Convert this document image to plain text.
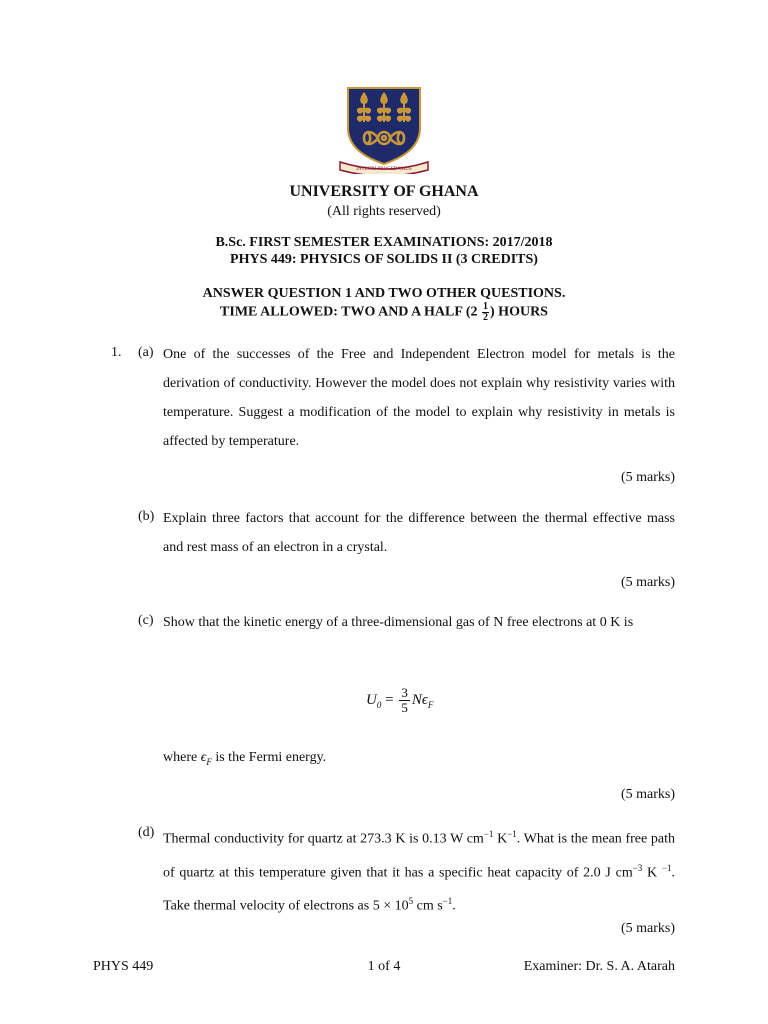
INTEGRI PROCEDAMUS
UNIVERSITY OF GHANA
(All rights reserved)
B.Sc. FIRST SEMESTER EXAMINATIONS: 2017/2018
PHYS 449: PHYSICS OF SOLIDS II (3 CREDITS)
ANSWER QUESTION 1 AND TWO OTHER QUESTIONS.
TIME ALLOWED: TWO AND A HALF ($2 \frac{1}{2}$ ) HOURS
1. (a) One of the successes of the Free and Independent Electron model for metals is the derivation of conductivity. However the model does not explain why resistivity varies with temperature. Suggest a modification of the model to explain why resistivity in metals is affected by temperature.
(5 marks)
(b) Explain three factors that account for the difference between the thermal effective mass and rest mass of an electron in a crystal.
(5 marks)
(c) Show that the kinetic energy of a three-dimensional gas of N free electrons at 0 K is
$U_0 = \frac{3}{5} N\epsilon_F$
where $\epsilon_F$ is the Fermi energy.
(5 marks)
(d) Thermal conductivity for quartz at 273.3 K is 0.13 W $cm^{-1}$ $K^{-1}$. What is the mean free path of quartz at this temperature given that it has a specific heat capacity of 2.0 J $cm^{-3}$ K $^{-1}$. Take thermal velocity of electrons as $5 \times 10^5$ cm $s^{-1}$.
(5 marks)
PHYS 449	1 of 4	Examiner: Dr. S. A. Atarah
